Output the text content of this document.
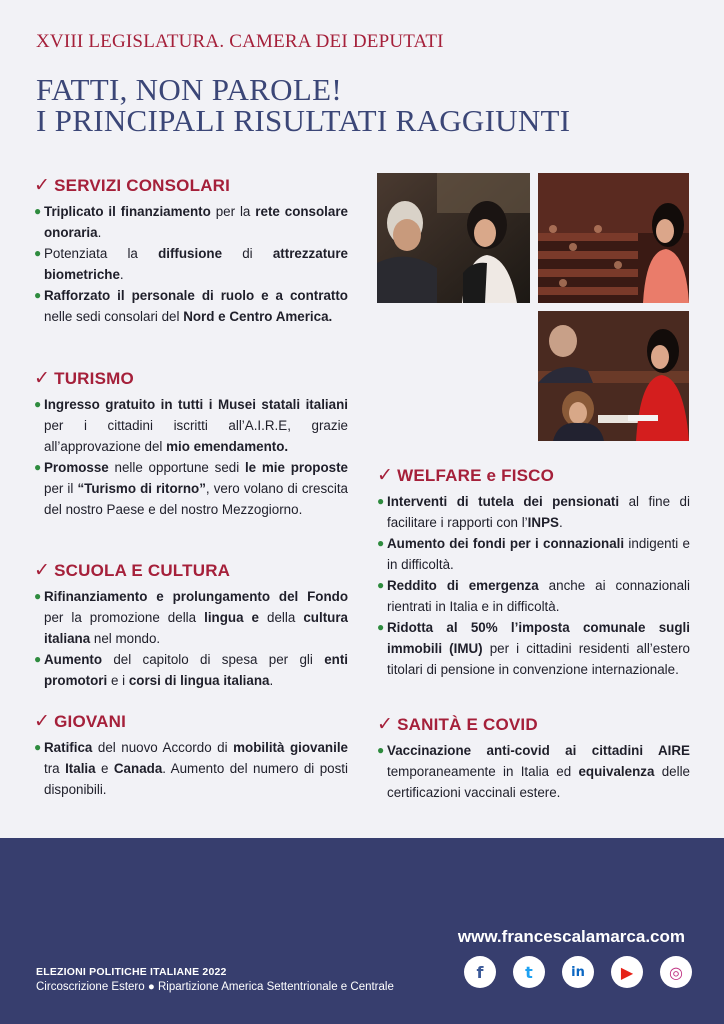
XVIII LEGISLATURA. CAMERA DEI DEPUTATI
FATTI, NON PAROLE!
I PRINCIPALI RISULTATI RAGGIUNTI
✓ SERVIZI CONSOLARI
● Triplicato il finanziamento per la rete consolare onoraria.
● Potenziata la diffusione di attrezzature biometriche.
● Rafforzato il personale di ruolo e a contratto nelle sedi consolari del Nord e Centro America.
✓ TURISMO
● Ingresso gratuito in tutti i Musei statali italiani per i cittadini iscritti all’A.I.R.E, grazie all’approvazione del mio emendamento.
● Promosse nelle opportune sedi le mie proposte per il “Turismo di ritorno”, vero volano di crescita del nostro Paese e del nostro Mezzogiorno.
✓ SCUOLA E CULTURA
● Rifinanziamento e prolungamento del Fondo per la promozione della lingua e della cultura italiana nel mondo.
● Aumento del capitolo di spesa per gli enti promotori e i corsi di lingua italiana.
✓ GIOVANI
● Ratifica del nuovo Accordo di mobilità giovanile tra Italia e Canada. Aumento del numero di posti disponibili.
✓ WELFARE e FISCO
● Interventi di tutela dei pensionati al fine di facilitare i rapporti con l’INPS.
● Aumento dei fondi per i connazionali indigenti e in difficoltà.
● Reddito di emergenza anche ai connazionali rientrati in Italia e in difficoltà.
● Ridotta al 50% l’imposta comunale sugli immobili (IMU) per i cittadini residenti all’estero titolari di pensione in convenzione internazionale.
✓ SANITÀ E COVID
● Vaccinazione anti-covid ai cittadini AIRE temporaneamente in Italia ed equivalenza delle certificazioni vaccinali estere.
www.francescalamarca.com
ELEZIONI POLITICHE ITALIANE 2022
Circoscrizione Estero ● Ripartizione America Settentrionale e Centrale
f	t	in ▶ ◎
